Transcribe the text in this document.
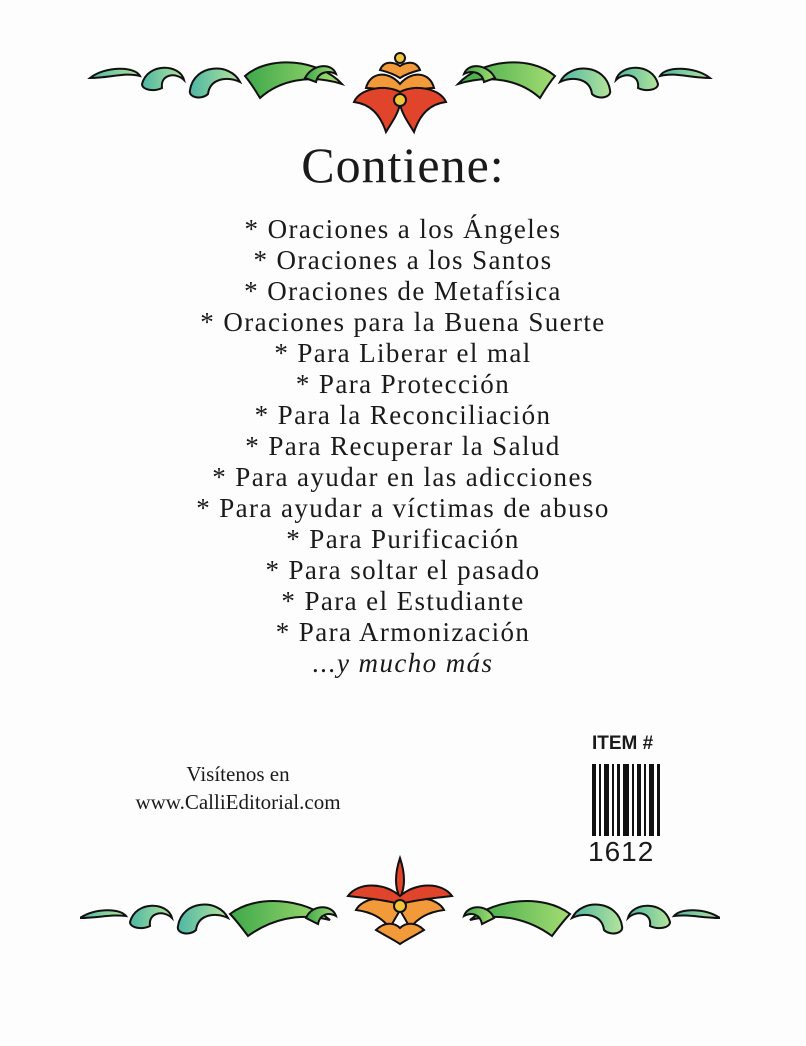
Contiene:
* Oraciones a los Ángeles
* Oraciones a los Santos
* Oraciones de Metafísica
* Oraciones para la Buena Suerte
* Para Liberar el mal
* Para Protección
* Para la Reconciliación
* Para Recuperar la Salud
* Para ayudar en las adicciones
* Para ayudar a víctimas de abuso
* Para Purificación
* Para soltar el pasado
* Para el Estudiante
* Para Armonización
...y mucho más
Visítenos en
www.CalliEditorial.com
ITEM #
1612
